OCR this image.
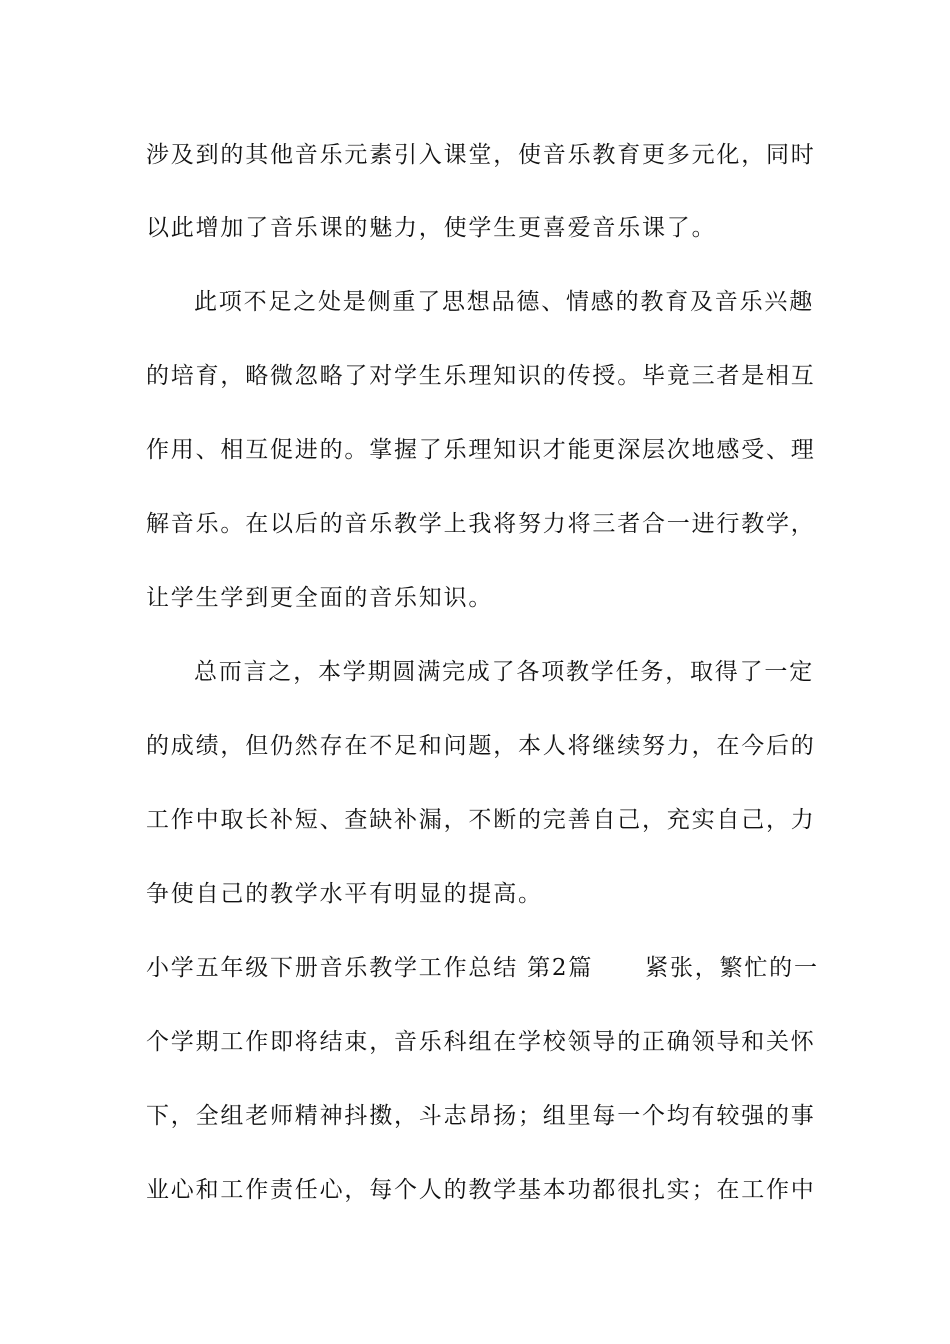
涉及到的其他音乐元素引入课堂，使音乐教育更多元化，同时
以此增加了音乐课的魅力，使学生更喜爱音乐课了。
此项不足之处是侧重了思想品德、情感的教育及音乐兴趣
的培育，略微忽略了对学生乐理知识的传授。毕竟三者是相互
作用、相互促进的。掌握了乐理知识才能更深层次地感受、理
解音乐。在以后的音乐教学上我将努力将三者合一进行教学，
让学生学到更全面的音乐知识。
总而言之，本学期圆满完成了各项教学任务，取得了一定
的成绩，但仍然存在不足和问题，本人将继续努力，在今后的
工作中取长补短、查缺补漏，不断的完善自己，充实自己，力
争使自己的教学水平有明显的提高。
小学五年级下册音乐教学工作总结 第2篇 紧张，繁忙的一
个学期工作即将结束，音乐科组在学校领导的正确领导和关怀
下，全组老师精神抖擞，斗志昂扬；组里每一个均有较强的事
业心和工作责任心，每个人的教学基本功都很扎实；在工作中
